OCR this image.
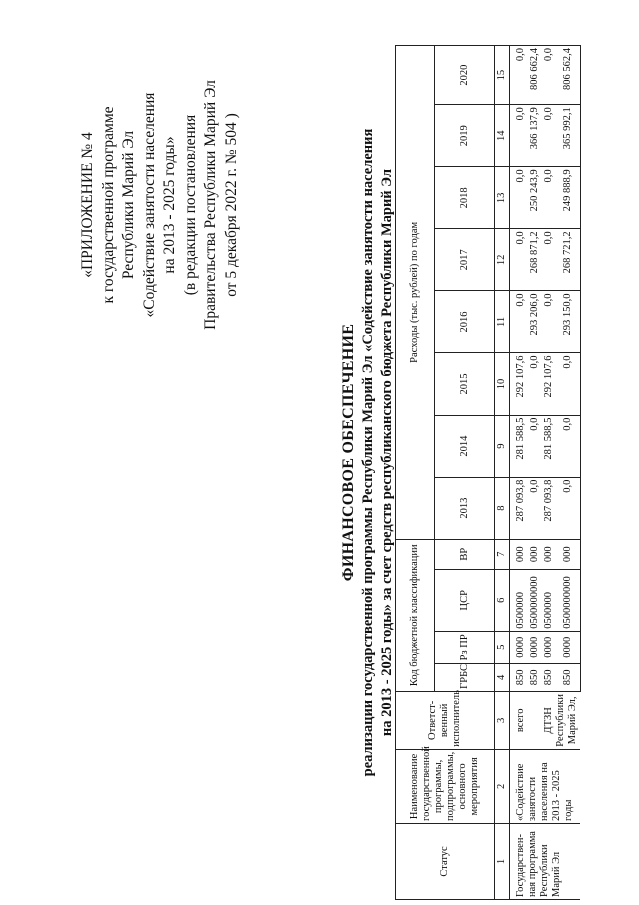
«ПРИЛОЖЕНИЕ № 4 к государственной программе Республики Марий Эл «Содействие занятости населения на 2013 - 2025 годы» (в редакции постановления Правительства Республики Марий Эл от 5 декабря 2022 г. № 504 )
ФИНАНСОВОЕ ОБЕСПЕЧЕНИЕ реализации государственной программы Республики Марий Эл «Содействие занятости населения на 2013 - 2025 годы» за счет средств республиканского бюджета Республики Марий Эл
Статус	Наименование государственной программы, подпрограммы, основного мероприятия	Ответст-венный исполнитель	Код бюджетной классификации				Расходы (тыс. рублей) по годам							
			ГРБС	Рз ПР	ЦСР	ВР	2013	2014	2015	2016	2017	2018	2019	2020

1	2	3	4	5	6	7	8	9	10	11	12	13	14	15
Государствен-ная программа Республики Марий Эл	«Содействие занятости населения на 2013 - 2025 годы	всего	850	0000	0500000	000	287 093,8	281 588,5	292 107,6	0,0	0,0	0,0	0,0	0,0
			850	0000	0500000000	000	0,0	0,0	0,0	293 206,0	268 871,2	250 243,9	366 137,9	806 662,4
		ДТЗН Республики Марий Эл,	850	0000	0500000	000	287 093,8	281 588,5	292 107,6	0,0	0,0	0,0	0,0	0,0
			850	0000	0500000000	000	0,0	0,0	0,0	293 150,0	268 721,2	249 888,9	365 992,1	806 562,4
